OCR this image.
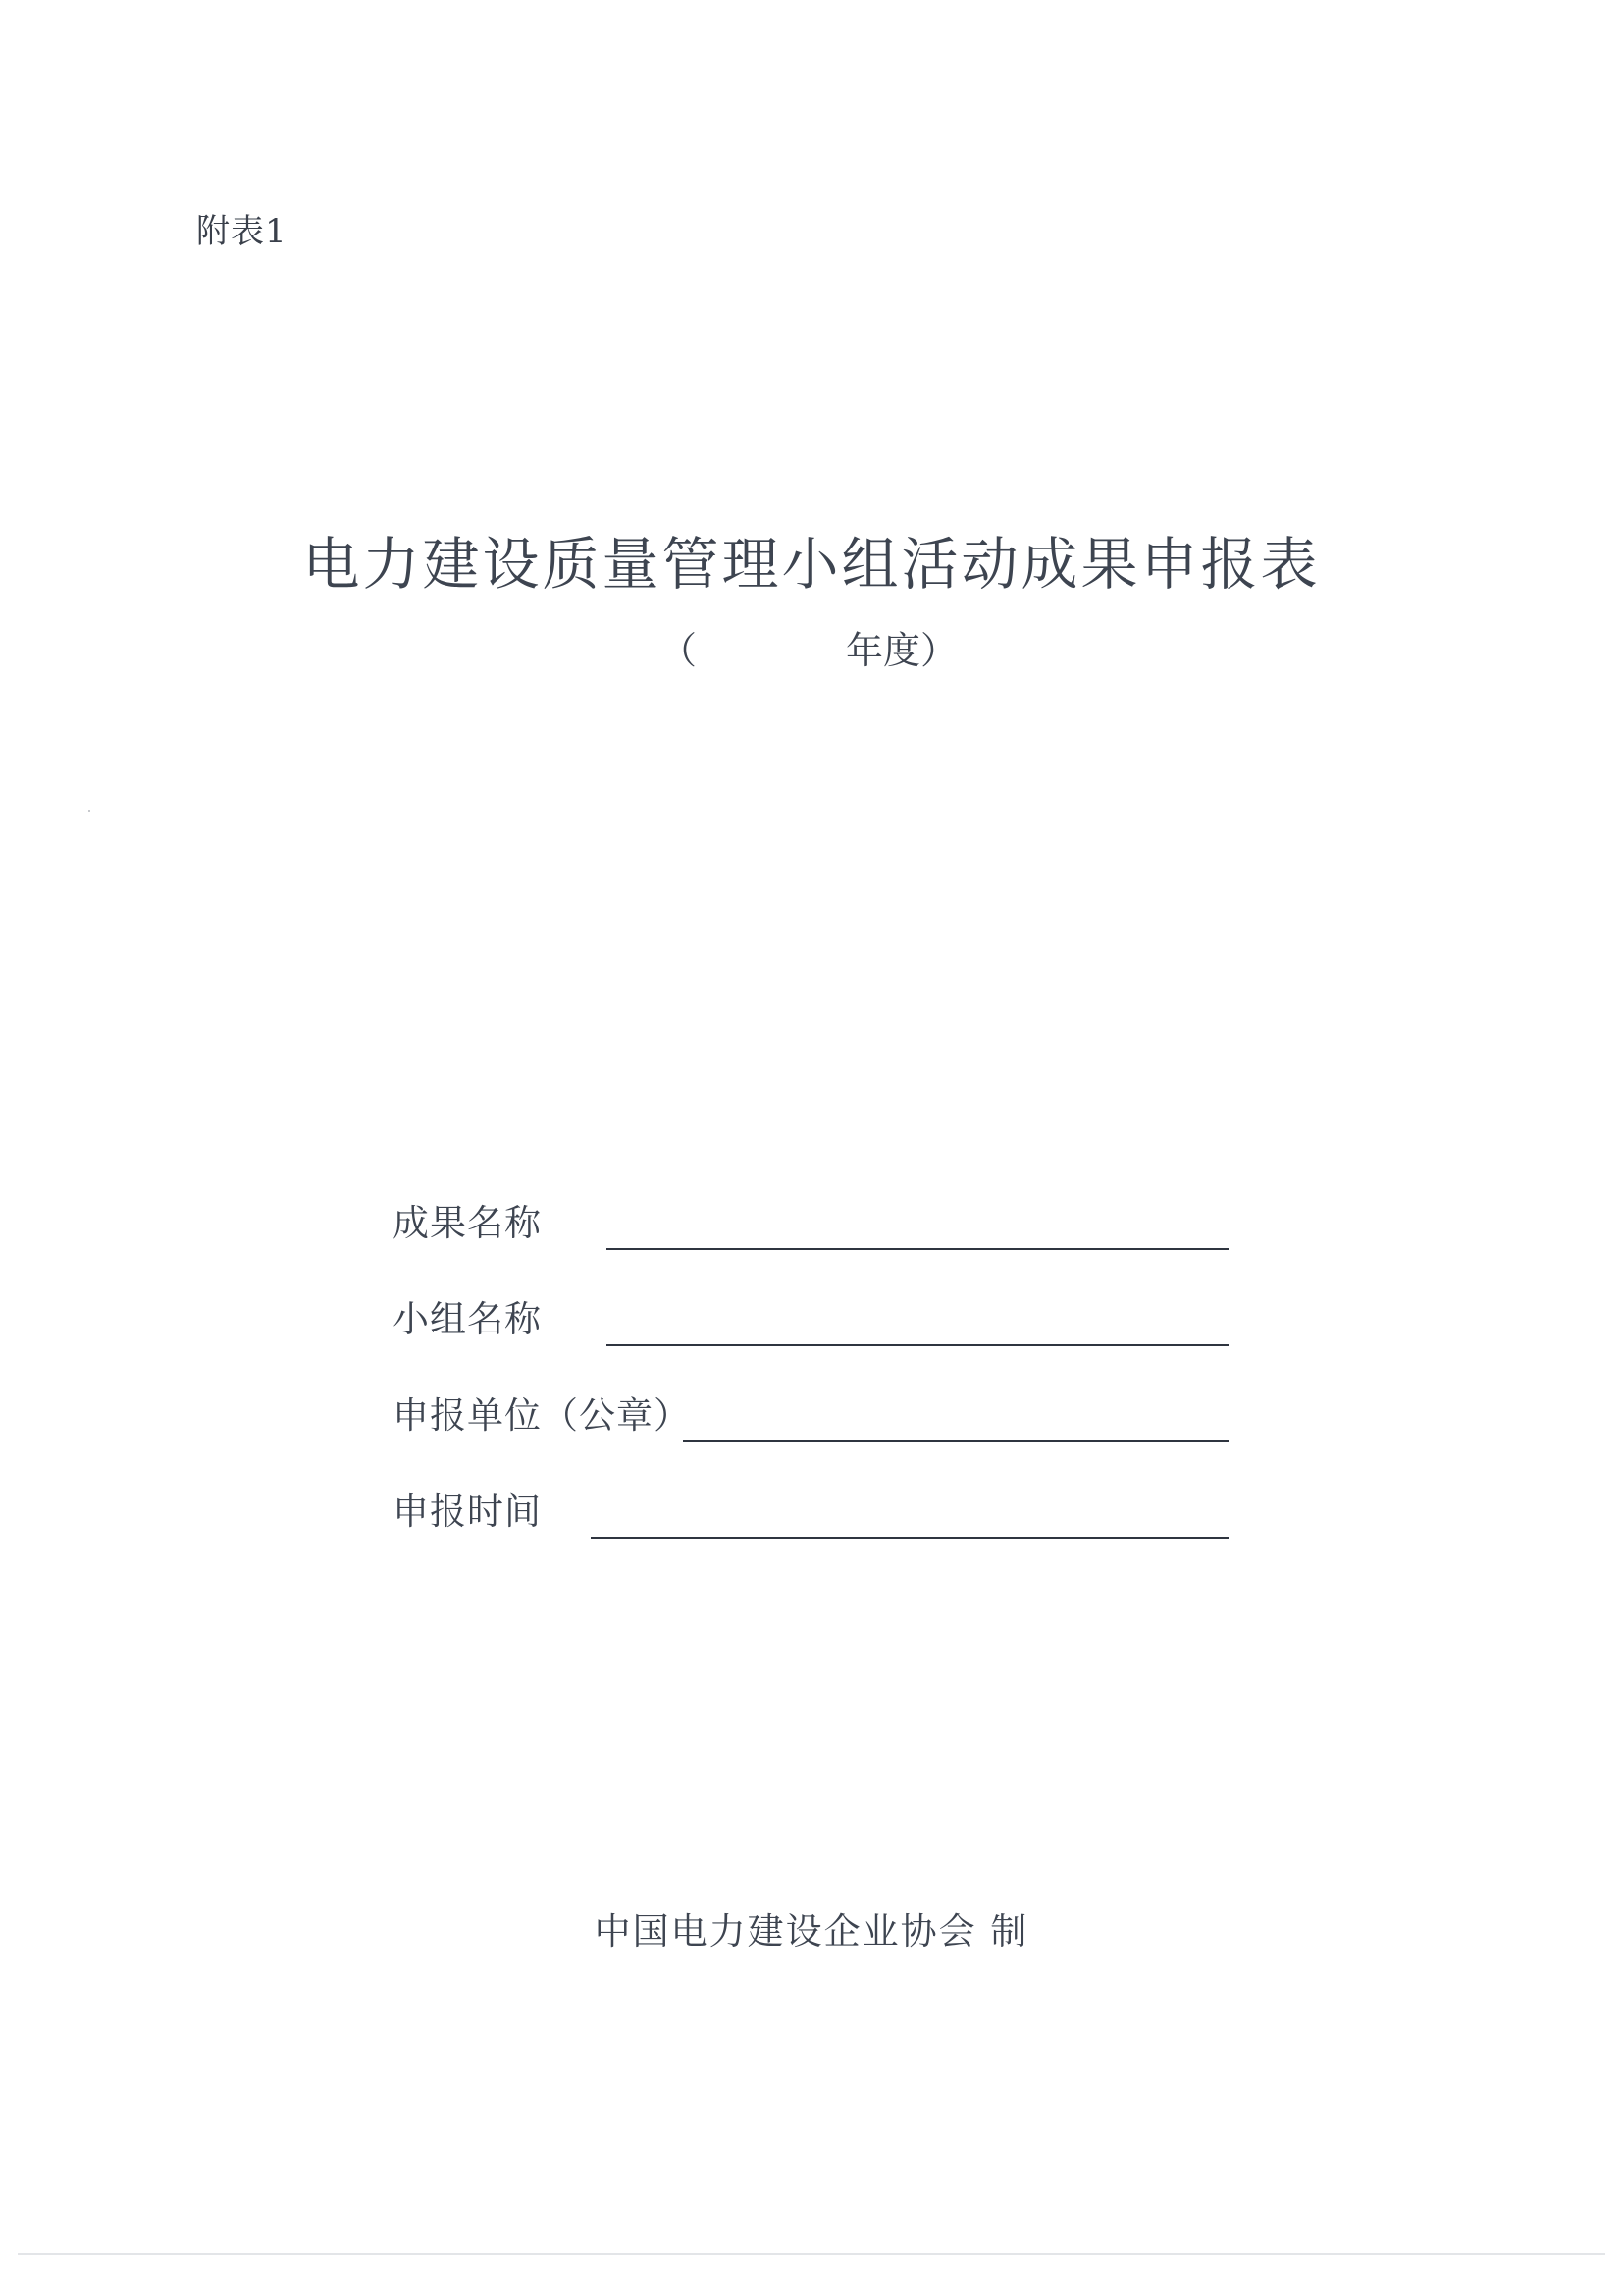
附表1
电力建设质量管理小组活动成果申报表
（	年度）
成果名称
小组名称
申报单位（公章）
申报时间
中国电力建设企业协会 制
